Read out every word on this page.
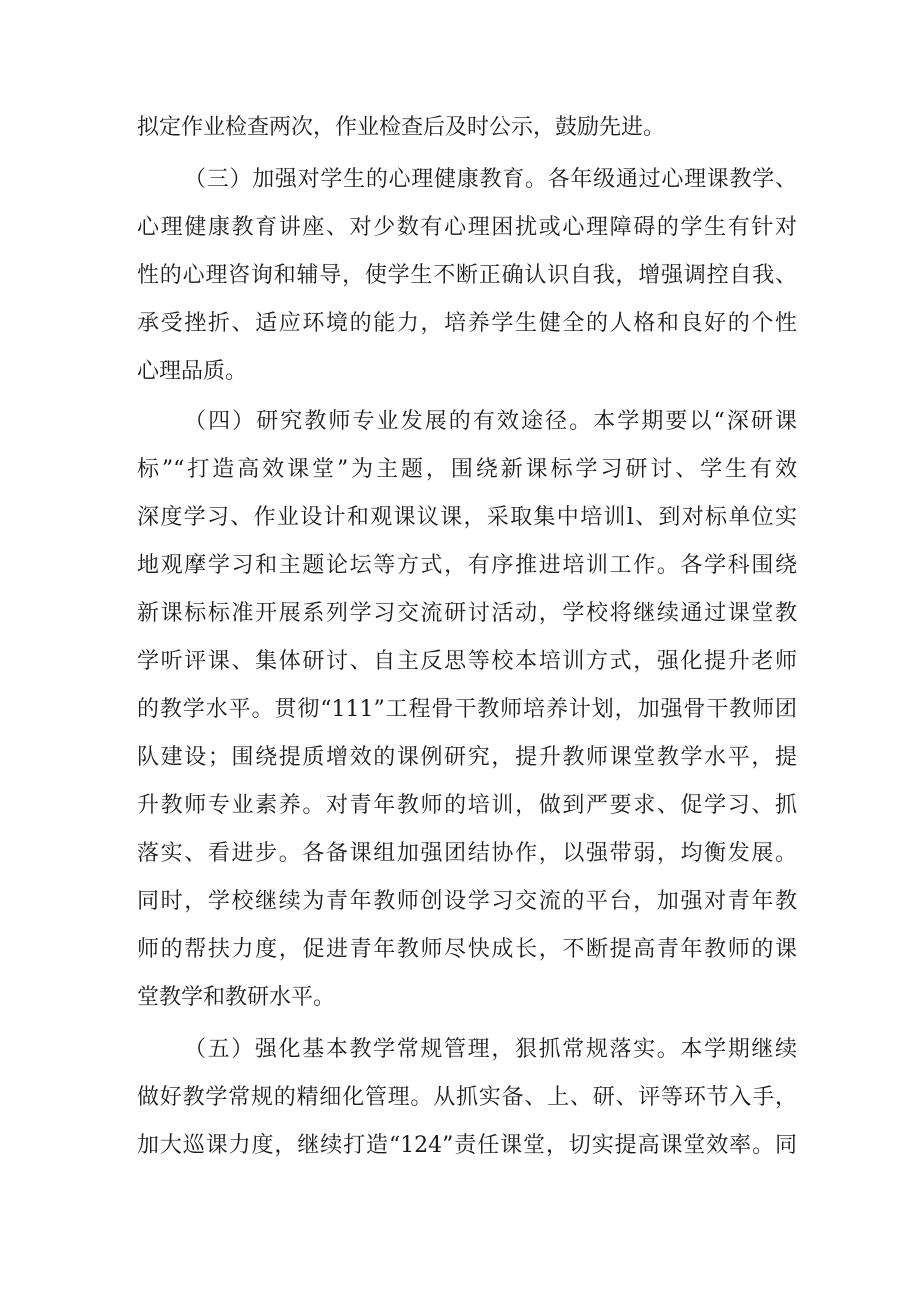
拟定作业检查两次，作业检查后及时公示，鼓励先进。
（三）加强对学生的心理健康教育。各年级通过心理课教学、
心理健康教育讲座、对少数有心理困扰或心理障碍的学生有针对
性的心理咨询和辅导，使学生不断正确认识自我，增强调控自我、
承受挫折、适应环境的能力，培养学生健全的人格和良好的个性
心理品质。
（四）研究教师专业发展的有效途径。本学期要以“深研课
标”“打造高效课堂”为主题，围绕新课标学习研讨、学生有效
深度学习、作业设计和观课议课，采取集中培训l、到对标单位实
地观摩学习和主题论坛等方式，有序推进培训工作。各学科围绕
新课标标准开展系列学习交流研讨活动，学校将继续通过课堂教
学听评课、集体研讨、自主反思等校本培训方式，强化提升老师
的教学水平。贯彻“111”工程骨干教师培养计划，加强骨干教师团
队建设；围绕提质增效的课例研究，提升教师课堂教学水平，提
升教师专业素养。对青年教师的培训，做到严要求、促学习、抓
落实、看进步。各备课组加强团结协作，以强带弱，均衡发展。
同时，学校继续为青年教师创设学习交流的平台，加强对青年教
师的帮扶力度，促进青年教师尽快成长，不断提高青年教师的课
堂教学和教研水平。
（五）强化基本教学常规管理，狠抓常规落实。本学期继续
做好教学常规的精细化管理。从抓实备、上、研、评等环节入手，
加大巡课力度，继续打造“124”责任课堂，切实提高课堂效率。同
